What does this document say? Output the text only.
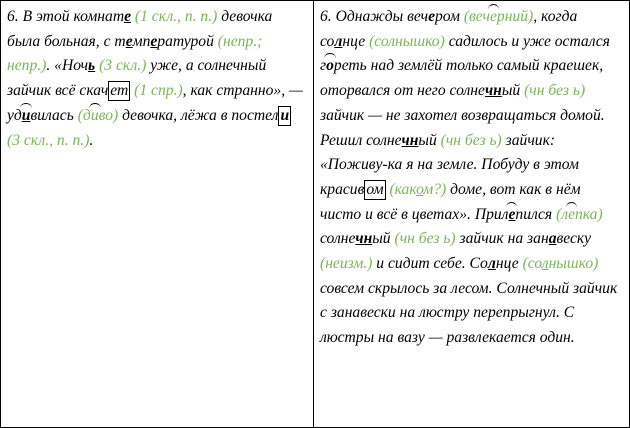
6. В этой комнате (1 скл., п. п.) девочка была больная, с температурой (непр.; непр.). «Ночь (3 скл.) уже, а солнечный зайчик всё скач ет (1 спр.), как странно», — удивилась (диво) девочка, лёжа в постел и (3 скл., п. п.).	6. Однажды вечером (вечерний), когда солнце (солнышко) садилось и уже остался гореть над землёй только самый краешек, оторвался от него солнечный (чн без ь) зайчик — не захотел возвращаться домой. Решил солнечный (чн без ь) зайчик: «Поживу-ка я на земле. Побуду в этом красив ом (каком?) доме, вот как в нём чисто и всё в цветах». Прилепился (лепка) солнечный (чн без ь) зайчик на занавеску (неизм.) и сидит себе. Солнце (солнышко) совсем скрылось за лесом. Солнечный зайчик с занавески на люстру перепрыгнул. С люстры на вазу — развлекается один.
